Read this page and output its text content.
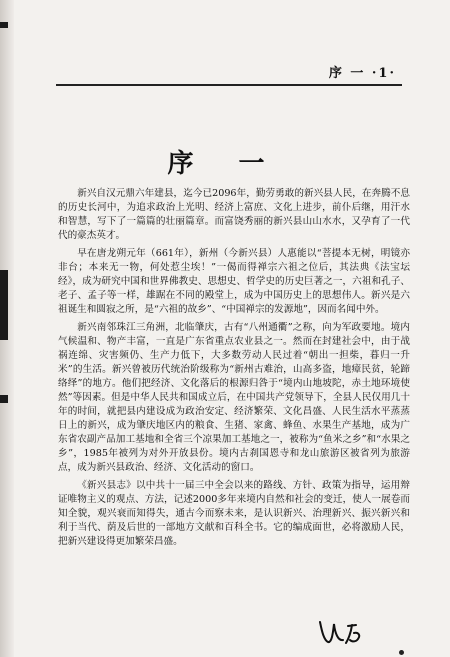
序 一 ·1·
序 一

新兴自汉元鼎六年建县，迄今已2096年，勤劳勇敢的新兴县人民，在奔腾不息的历史长河中，为追求政治上光明、经济上富庶、文化上进步，前仆后继，用汗水和智慧，写下了一篇篇的壮丽篇章。而富饶秀丽的新兴县山山水水，又孕育了一代代的豪杰英才。

早在唐龙朔元年（661年），新州（今新兴县）人惠能以“菩提本无树，明镜亦非台；本来无一物，何处惹尘埃！”一偈而得禅宗六祖之位后，其法典《法宝坛经》，成为研究中国和世界佛教史、思想史、哲学史的历史巨著之一，六祖和孔子、老子、孟子等一样，雄踞在不同的殿堂上，成为中国历史上的思想伟人。新兴是六祖诞生和圆寂之所，是“六祖的故乡”、“中国禅宗的发源地”，因而名闻中外。

新兴南邻珠江三角洲，北临肇庆，古有“八州通衢”之称，向为军政要地。境内气候温和、物产丰富，一直是广东省重点农业县之一。然而在封建社会中，由于战祸连绵、灾害频仍、生产力低下，大多数劳动人民过着“朝出一担柴，暮归一升米”的生活。新兴曾被历代统治阶级称为“新州古难治，山高多盗，地瘴民贫，轮蹄络绎”的地方。他们把经济、文化落后的根源归咎于“境内山地坡陀，赤土地环境使然”等因素。但是中华人民共和国成立后，在中国共产党领导下，全县人民仅用几十年的时间，就把县内建设成为政治安定、经济繁荣、文化昌盛、人民生活水平蒸蒸日上的新兴，成为肇庆地区内的粮食、生猪、家禽、蜂鱼、水果生产基地，成为广东省农副产品加工基地和全省三个凉果加工基地之一，被称为“鱼米之乡”和“水果之乡”，1985年被列为对外开放县份。境内古刹国恩寺和龙山旅游区被省列为旅游点，成为新兴县政治、经济、文化活动的窗口。

《新兴县志》以中共十一届三中全会以来的路线、方针、政策为指导，运用辩证唯物主义的观点、方法，记述2000多年来境内自然和社会的变迁，使人一展卷而知全貌，观兴衰而知得失，通古今而察未来，是认识新兴、治理新兴、振兴新兴和利于当代、荫及后世的一部地方文献和百科全书。它的编成面世，必将激励人民，把新兴建设得更加繁荣昌盛。
